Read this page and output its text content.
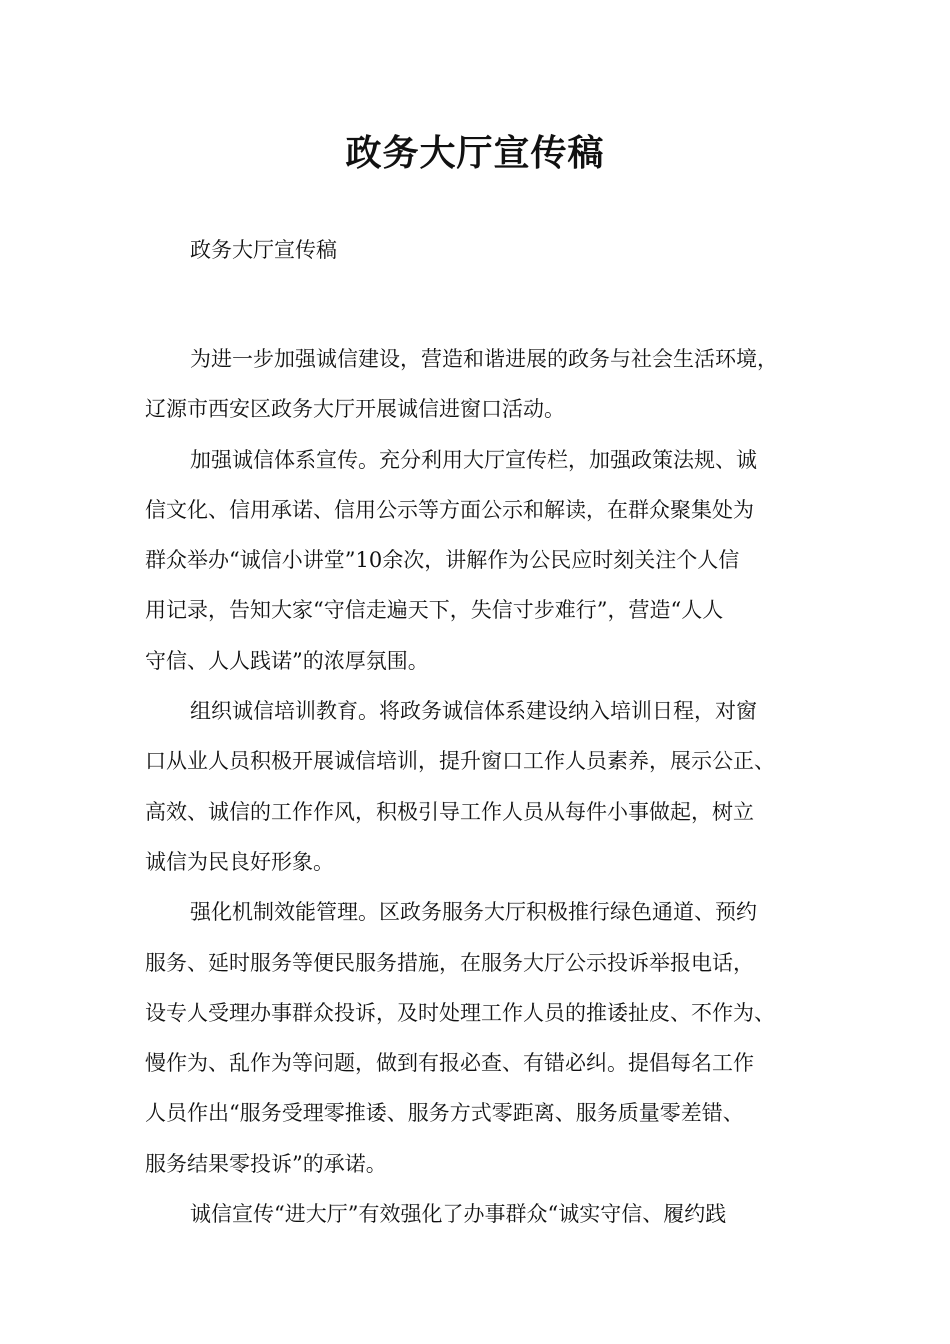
政务大厅宣传稿

政务大厅宣传稿

为进一步加强诚信建设，营造和谐进展的政务与社会生活环境，
辽源市西安区政务大厅开展诚信进窗口活动。

加强诚信体系宣传。充分利用大厅宣传栏，加强政策法规、诚
信文化、信用承诺、信用公示等方面公示和解读，在群众聚集处为
群众举办“诚信小讲堂”10余次，讲解作为公民应时刻关注个人信
用记录，告知大家“守信走遍天下，失信寸步难行”，营造“人人
守信、人人践诺”的浓厚氛围。

组织诚信培训教育。将政务诚信体系建设纳入培训日程，对窗
口从业人员积极开展诚信培训，提升窗口工作人员素养，展示公正、
高效、诚信的工作作风，积极引导工作人员从每件小事做起，树立
诚信为民良好形象。

强化机制效能管理。区政务服务大厅积极推行绿色通道、预约
服务、延时服务等便民服务措施，在服务大厅公示投诉举报电话，
设专人受理办事群众投诉，及时处理工作人员的推诿扯皮、不作为、
慢作为、乱作为等问题，做到有报必查、有错必纠。提倡每名工作
人员作出“服务受理零推诿、服务方式零距离、服务质量零差错、
服务结果零投诉”的承诺。

诚信宣传“进大厅”有效强化了办事群众“诚实守信、履约践
